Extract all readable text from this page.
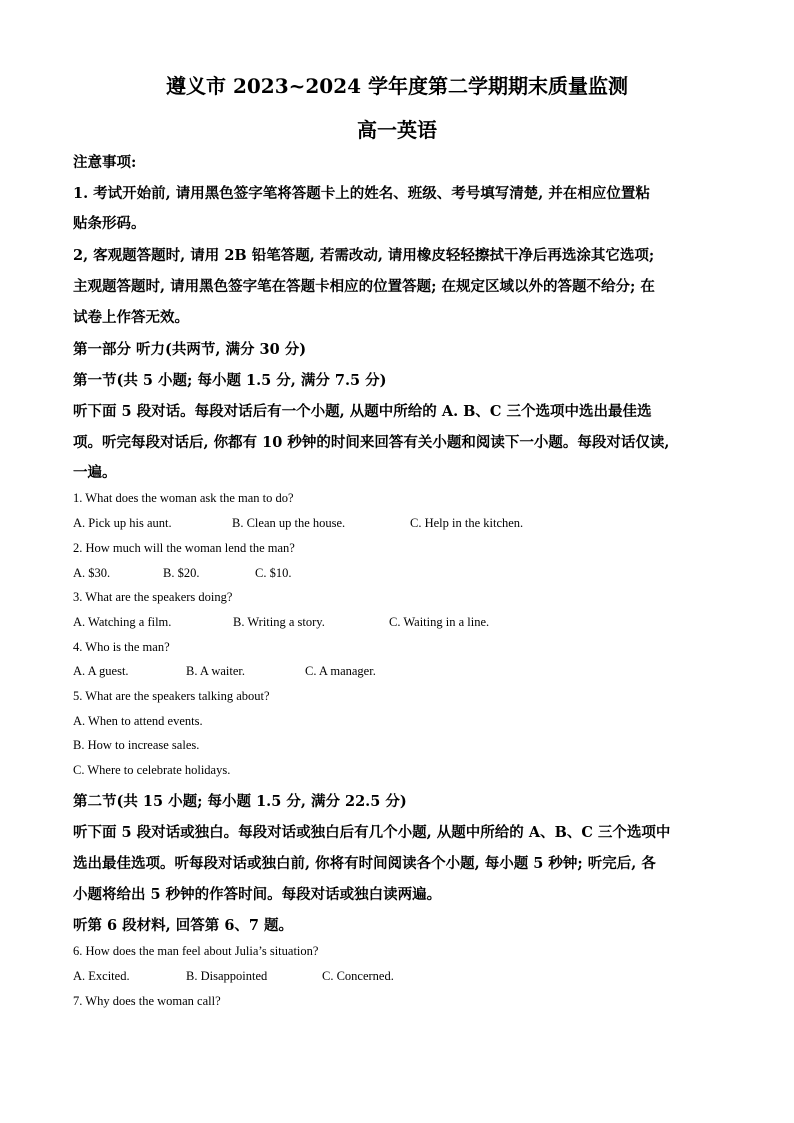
遵义市 2023~2024 学年度第二学期期末质量监测
高一英语
注意事项:
1. 考试开始前, 请用黑色签字笔将答题卡上的姓名、班级、考号填写清楚, 并在相应位置粘
贴条形码。
2, 客观题答题时, 请用 2B 铅笔答题, 若需改动, 请用橡皮轻轻擦拭干净后再选涂其它选项;
主观题答题时, 请用黑色签字笔在答题卡相应的位置答题; 在规定区域以外的答题不给分; 在
试卷上作答无效。
第一部分 听力(共两节, 满分 30 分)
第一节(共 5 小题; 每小题 1.5 分, 满分 7.5 分)
听下面 5 段对话。每段对话后有一个小题, 从题中所给的 A. B、C 三个选项中选出最佳选
项。听完每段对话后, 你都有 10 秒钟的时间来回答有关小题和阅读下一小题。每段对话仅读,
一遍。
1. What does the woman ask the man to do?
A. Pick up his aunt.	B. Clean up the house.	C. Help in the kitchen.
2. How much will the woman lend the man?
A. $30.	B. $20.	C. $10.
3. What are the speakers doing?
A. Watching a film.	B. Writing a story.	C. Waiting in a line.
4. Who is the man?
A. A guest.	B. A waiter.	C. A manager.
5. What are the speakers talking about?
A. When to attend events.
B. How to increase sales.
C. Where to celebrate holidays.
第二节(共 15 小题; 每小题 1.5 分, 满分 22.5 分)
听下面 5 段对话或独白。每段对话或独白后有几个小题, 从题中所给的 A、B、C 三个选项中
选出最佳选项。听每段对话或独白前, 你将有时间阅读各个小题, 每小题 5 秒钟; 听完后, 各
小题将给出 5 秒钟的作答时间。每段对话或独白读两遍。
听第 6 段材料, 回答第 6、7 题。
6. How does the man feel about Julia’s situation?
A. Excited.	B. Disappointed	C. Concerned.
7. Why does the woman call?
